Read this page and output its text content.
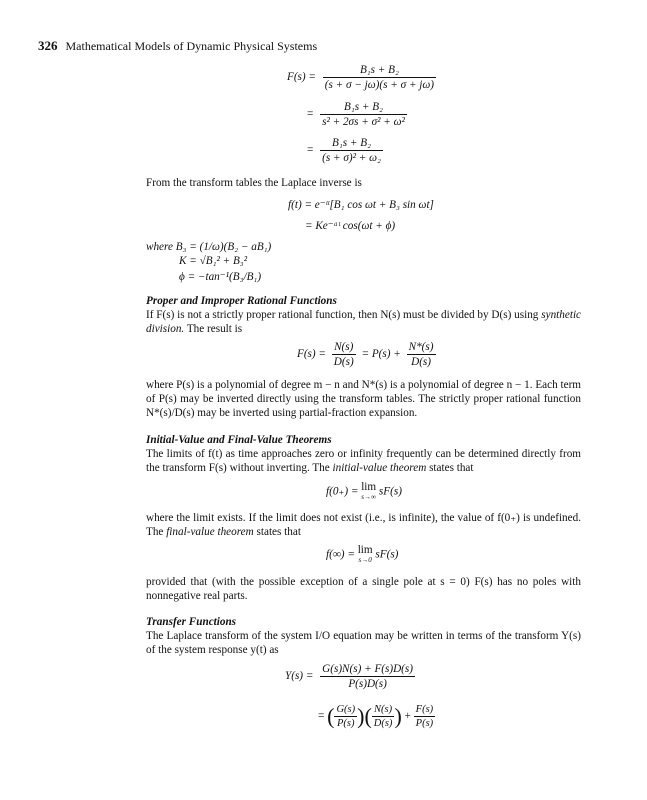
326 Mathematical Models of Dynamic Physical Systems
$F(s) = \frac{\text{B₁s + B₂}}{(s + \sigma - j\omega)(s + \sigma + j\omega)}$
= $\frac{\text{B₁s + B₂}}{\text{s² + 2σs + σ² + ω²}}$
= $\frac{\text{B₁s + B₂}}{\text{(s + σ)² + ω₂}}$

From the transform tables the Laplace inverse is

f(t) = e⁻ᵗᵗ[B₁ cos ωt + B₃ sin ωt]
= Ke⁻ᵃᵗ cos(ωt + ϕ)
where B₃ = (1/ω)(B₂ − aB₁)
K = √B₁² + B₃²
ϕ = −tan⁻¹(B₃/B₁)
Proper and Improper Rational Functions

If F(s) is not a strictly proper rational function, then N(s) must be divided by D(s) using synthetic division. The result is

$F(s) = \frac{N(s)}{D(s)} = P(s) + \frac{N*(s)}{D(s)}$

where P(s) is a polynomial of degree m − n and N*(s) is a polynomial of degree n − 1. Each term of P(s) may be inverted directly using the transform tables. The strictly proper rational function N*(s)/D(s) may be inverted using partial-fraction expansion.

Initial-Value and Final-Value Theorems

The limits of f(t) as time approaches zero or infinity frequently can be determined directly from the transform F(s) without inverting. The initial-value theorem states that

f(0₊) = lim
s→∞ sF(s)

where the limit exists. If the limit does not exist (i.e., is infinite), the value of f(0₊) is undefined. The final-value theorem states that

f(∞) = lim
s→0 sF(s)

provided that (with the possible exception of a single pole at s = 0) F(s) has no poles with nonnegative real parts.

Transfer Functions

The Laplace transform of the system I/O equation may be written in terms of the transform Y(s) of the system response y(t) as

$Y(s) = \frac{G(s)N(s) + F(s)D(s)}{P(s)D(s)}$
= ( $\frac{G(s)}{P(s)}$ )( $\frac{N(s)}{D(s)}$ ) + $\frac{F(s)}{P(s)}$
